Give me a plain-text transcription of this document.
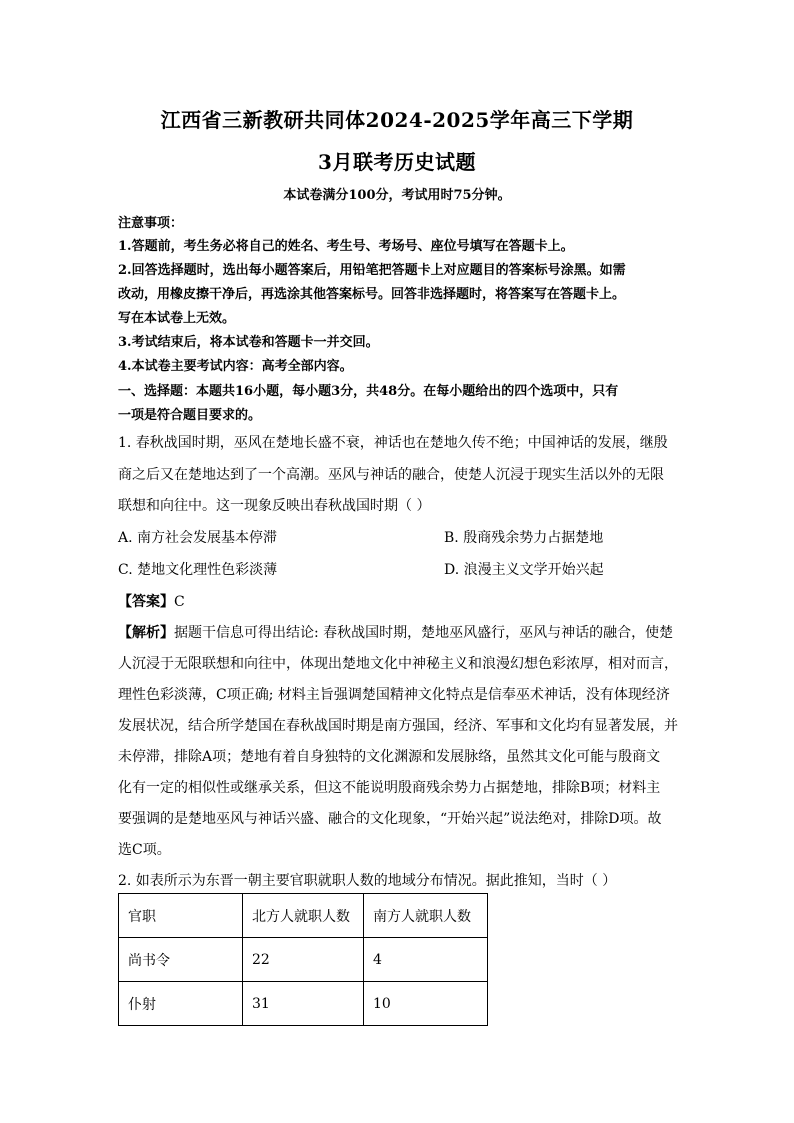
江西省三新教研共同体2024-2025学年高三下学期
3月联考历史试题
本试卷满分100分，考试用时75分钟。
注意事项：
1.答题前，考生务必将自己的姓名、考生号、考场号、座位号填写在答题卡上。
2.回答选择题时，选出每小题答案后，用铅笔把答题卡上对应题目的答案标号涂黑。如需
改动，用橡皮擦干净后，再选涂其他答案标号。回答非选择题时，将答案写在答题卡上。
写在本试卷上无效。
3.考试结束后，将本试卷和答题卡一并交回。
4.本试卷主要考试内容：高考全部内容。
一、选择题：本题共16小题，每小题3分，共48分。在每小题给出的四个选项中，只有
一项是符合题目要求的。
1. 春秋战国时期，巫风在楚地长盛不衰，神话也在楚地久传不绝；中国神话的发展，继殷
商之后又在楚地达到了一个高潮。巫风与神话的融合，使楚人沉浸于现实生活以外的无限
联想和向往中。这一现象反映出春秋战国时期（ ）
A. 南方社会发展基本停滞	B. 殷商残余势力占据楚地
C. 楚地文化理性色彩淡薄	D. 浪漫主义文学开始兴起
【答案】C
【解析】据题干信息可得出结论: 春秋战国时期，楚地巫风盛行，巫风与神话的融合，使楚
人沉浸于无限联想和向往中，体现出楚地文化中神秘主义和浪漫幻想色彩浓厚，相对而言，
理性色彩淡薄，C项正确; 材料主旨强调楚国精神文化特点是信奉巫术神话，没有体现经济
发展状况，结合所学楚国在春秋战国时期是南方强国，经济、军事和文化均有显著发展，并
未停滞，排除A项；楚地有着自身独特的文化渊源和发展脉络，虽然其文化可能与殷商文
化有一定的相似性或继承关系，但这不能说明殷商残余势力占据楚地，排除B项；材料主
要强调的是楚地巫风与神话兴盛、融合的文化现象，“开始兴起”说法绝对，排除D项。故
选C项。
2. 如表所示为东晋一朝主要官职就职人数的地域分布情况。据此推知，当时（ ）
官职	北方人就职人数	南方人就职人数
尚书令	22	4
仆射	31	10
